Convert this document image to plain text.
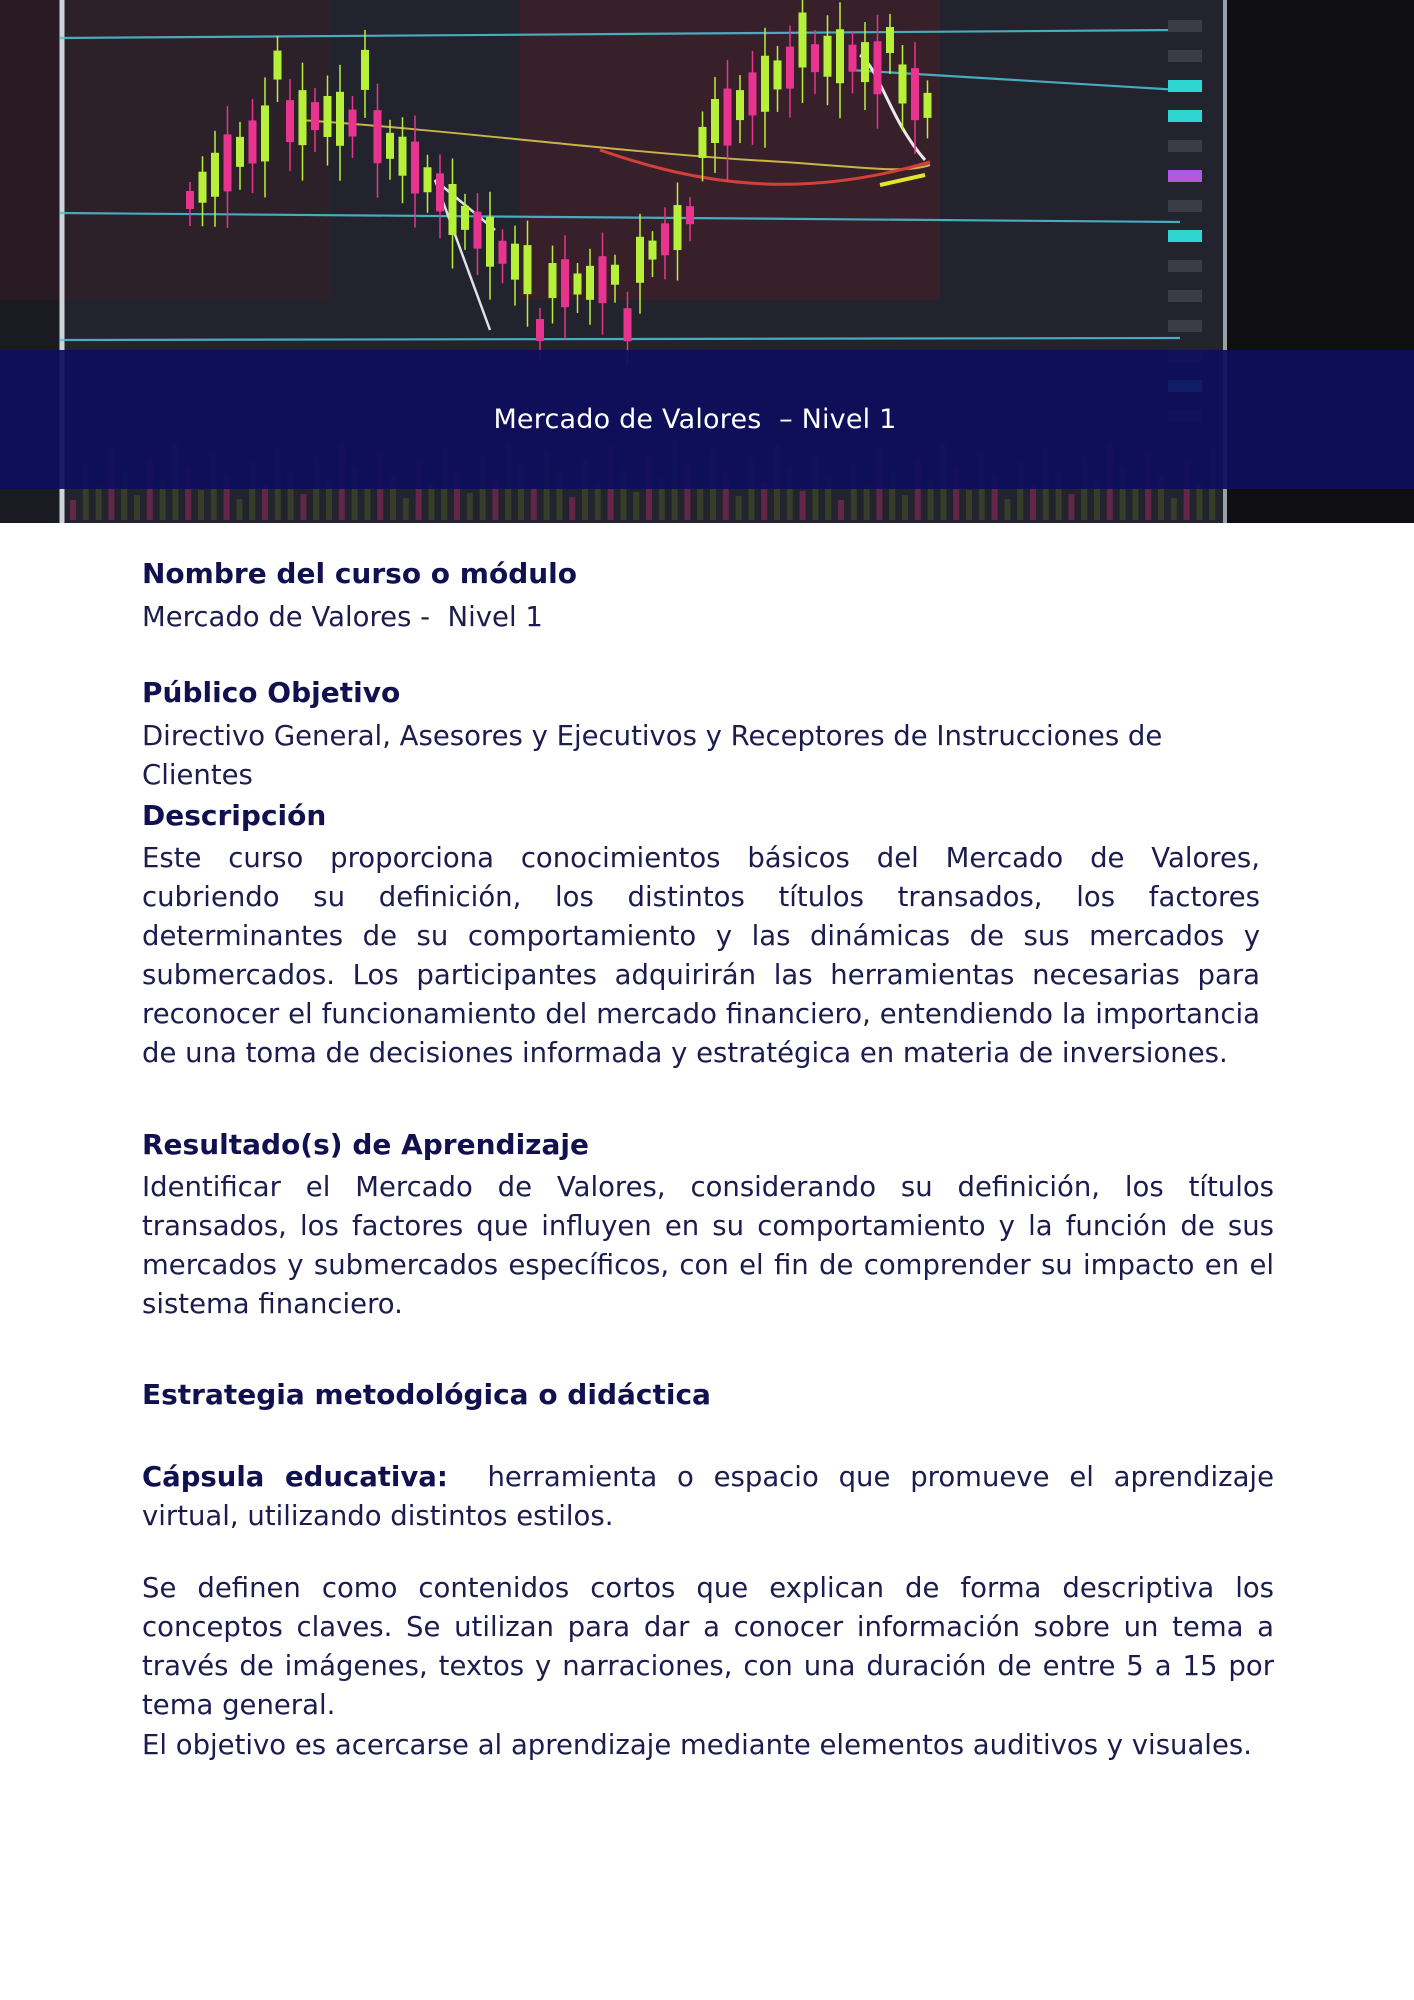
Mercado de Valores  – Nivel 1

Nombre del curso o módulo

Mercado de Valores -  Nivel 1

Público Objetivo

Directivo General, Asesores y Ejecutivos y Receptores de Instrucciones de Clientes

Descripción

Este curso proporciona conocimientos básicos del Mercado de Valores, cubriendo su definición, los distintos títulos transados, los factores determinantes de su comportamiento y las dinámicas de sus mercados y submercados. Los participantes adquirirán las herramientas necesarias para reconocer el funcionamiento del mercado financiero, entendiendo la importancia de una toma de decisiones informada y estratégica en materia de inversiones.

Resultado(s) de Aprendizaje

Identificar el Mercado de Valores, considerando su definición, los títulos transados, los factores que influyen en su comportamiento y la función de sus mercados y submercados específicos, con el fin de comprender su impacto en el sistema financiero.

Estrategia metodológica o didáctica

Cápsula educativa:  herramienta o espacio que promueve el aprendizaje virtual, utilizando distintos estilos.

Se definen como contenidos cortos que explican de forma descriptiva los conceptos claves. Se utilizan para dar a conocer información sobre un tema a través de imágenes, textos y narraciones, con una duración de entre 5 a 15 por tema general.

El objetivo es acercarse al aprendizaje mediante elementos auditivos y visuales.
